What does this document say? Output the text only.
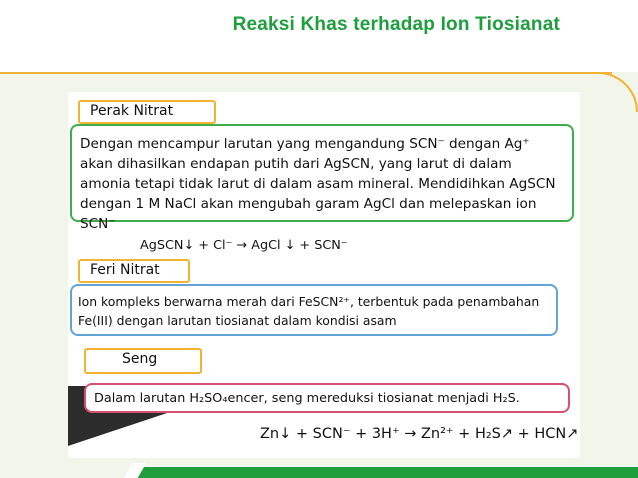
Reaksi Khas terhadap Ion Tiosianat
Perak Nitrat
Dengan mencampur larutan yang mengandung SCN⁻ dengan Ag⁺ akan dihasilkan endapan putih dari AgSCN, yang larut di dalam amonia tetapi tidak larut di dalam asam mineral. Mendidihkan AgSCN dengan 1 M NaCl akan mengubah garam AgCl dan melepaskan ion SCN⁻
AgSCN↓ + Cl⁻ → AgCl ↓ + SCN⁻
Feri Nitrat
Ion kompleks berwarna merah dari FeSCN²⁺, terbentuk pada penambahan Fe(III) dengan larutan tiosianat dalam kondisi asam
Seng
Dalam larutan H₂SO₄encer, seng mereduksi tiosianat menjadi H₂S.
Zn↓ + SCN⁻ + 3H⁺ → Zn²⁺ + H₂S↗ + HCN↗
